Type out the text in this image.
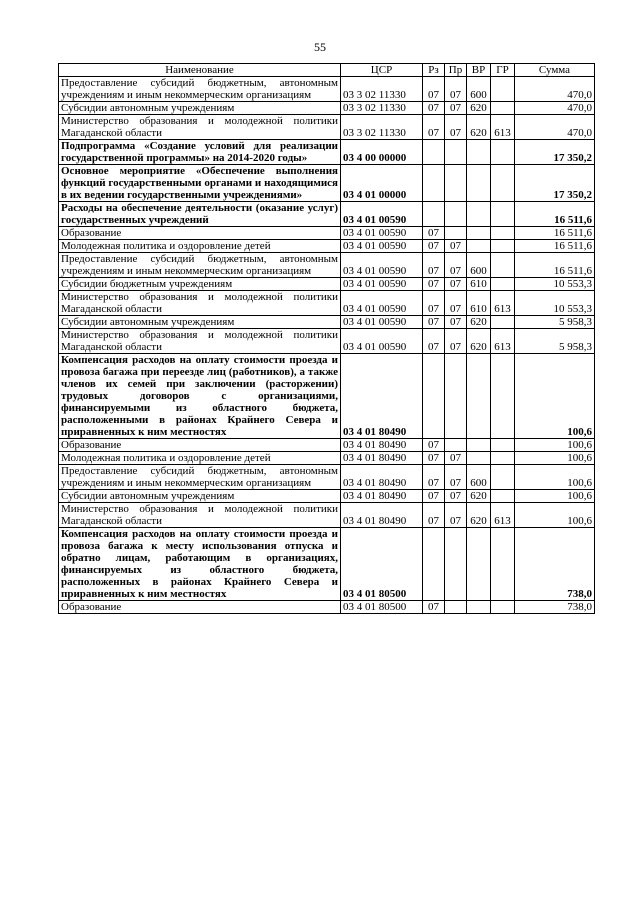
55
Наименование	ЦСР	Рз	Пр	ВР	ГР	Сумма
Предоставление субсидий бюджетным, автономным учреждениям и иным некоммерческим организациям	03 3 02 11330	07	07	600		470,0
Субсидии автономным учреждениям	03 3 02 11330	07	07	620		470,0
Министерство образования и молодежной политики Магаданской области	03 3 02 11330	07	07	620	613	470,0
Подпрограмма «Создание условий для реализации государственной программы» на 2014-2020 годы»	03 4 00 00000					17 350,2
Основное мероприятие «Обеспечение выполнения функций государственными органами и находящимися в их ведении государственными учреждениями»	03 4 01 00000					17 350,2
Расходы на обеспечение деятельности (оказание услуг) государственных учреждений	03 4 01 00590					16 511,6
Образование	03 4 01 00590	07				16 511,6
Молодежная политика и оздоровление детей	03 4 01 00590	07	07			16 511,6
Предоставление субсидий бюджетным, автономным учреждениям и иным некоммерческим организациям	03 4 01 00590	07	07	600		16 511,6
Субсидии бюджетным учреждениям	03 4 01 00590	07	07	610		10 553,3
Министерство образования и молодежной политики Магаданской области	03 4 01 00590	07	07	610	613	10 553,3
Субсидии автономным учреждениям	03 4 01 00590	07	07	620		5 958,3
Министерство образования и молодежной политики Магаданской области	03 4 01 00590	07	07	620	613	5 958,3
Компенсация расходов на оплату стоимости проезда и провоза багажа при переезде лиц (работников), а также членов их семей при заключении (расторжении) трудовых договоров с организациями, финансируемыми из областного бюджета, расположенными в районах Крайнего Севера и приравненных к ним местностях	03 4 01 80490					100,6
Образование	03 4 01 80490	07				100,6
Молодежная политика и оздоровление детей	03 4 01 80490	07	07			100,6
Предоставление субсидий бюджетным, автономным учреждениям и иным некоммерческим организациям	03 4 01 80490	07	07	600		100,6
Субсидии автономным учреждениям	03 4 01 80490	07	07	620		100,6
Министерство образования и молодежной политики Магаданской области	03 4 01 80490	07	07	620	613	100,6
Компенсация расходов на оплату стоимости проезда и провоза багажа к месту использования отпуска и обратно лицам, работающим в организациях, финансируемых из областного бюджета, расположенных в районах Крайнего Севера и приравненных к ним местностях	03 4 01 80500					738,0
Образование	03 4 01 80500	07				738,0
